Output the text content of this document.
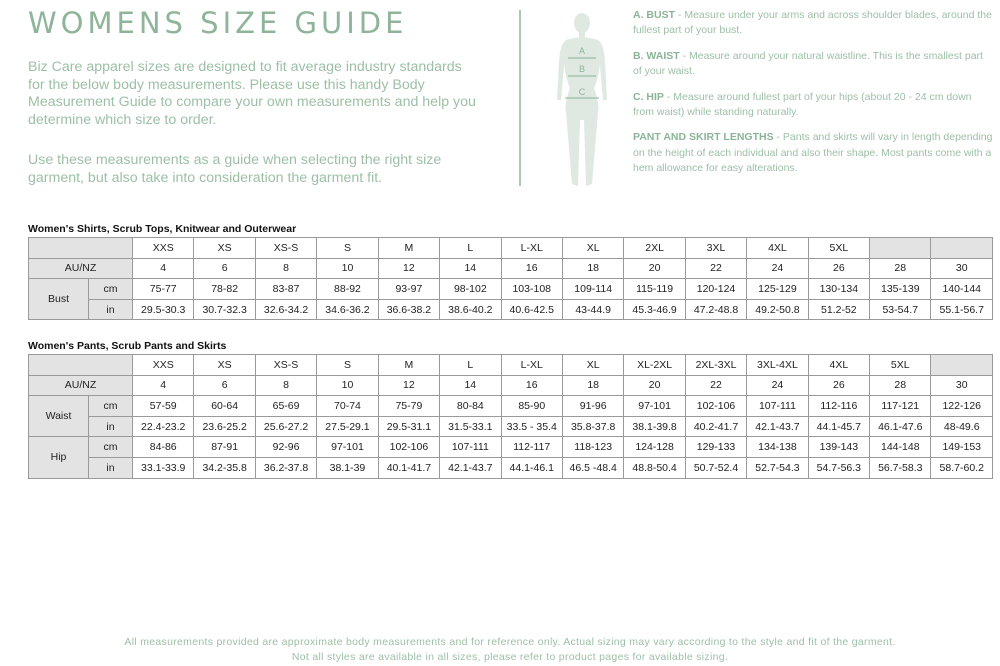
WOMENS SIZE GUIDE

Biz Care apparel sizes are designed to fit average industry standards for the below body measurements. Please use this handy Body Measurement Guide to compare your own measurements and help you determine which size to order.

Use these measurements as a guide when selecting the right size garment, but also take into consideration the garment fit.

A
B
C

A. BUST - Measure under your arms and across shoulder blades, around the fullest part of your bust.

B. WAIST - Measure around your natural waistline. This is the smallest part of your waist.

C. HIP - Measure around fullest part of your hips (about 20 - 24 cm down from waist) while standing naturally.

PANT AND SKIRT LENGTHS - Pants and skirts will vary in length depending on the height of each individual and also their shape. Most pants come with a hem allowance for easy alterations.

Women's Shirts, Scrub Tops, Knitwear and Outerwear

		XXS	XS	XS-S	S	M	L	L-XL	XL	2XL	3XL	4XL	5XL		
AU/NZ		4	6	8	10	12	14	16	18	20	22	24	26	28	30
Bust	cm	75-77	78-82	83-87	88-92	93-97	98-102	103-108	109-114	115-119	120-124	125-129	130-134	135-139	140-144
	in	29.5-30.3	30.7-32.3	32.6-34.2	34.6-36.2	36.6-38.2	38.6-40.2	40.6-42.5	43-44.9	45.3-46.9	47.2-48.8	49.2-50.8	51.2-52	53-54.7	55.1-56.7

Women's Pants, Scrub Pants and Skirts

		XXS	XS	XS-S	S	M	L	L-XL	XL	XL-2XL	2XL-3XL	3XL-4XL	4XL	5XL	
AU/NZ		4	6	8	10	12	14	16	18	20	22	24	26	28	30
Waist	cm	57-59	60-64	65-69	70-74	75-79	80-84	85-90	91-96	97-101	102-106	107-111	112-116	117-121	122-126
	in	22.4-23.2	23.6-25.2	25.6-27.2	27.5-29.1	29.5-31.1	31.5-33.1	33.5 - 35.4	35.8-37.8	38.1-39.8	40.2-41.7	42.1-43.7	44.1-45.7	46.1-47.6	48-49.6
Hip	cm	84-86	87-91	92-96	97-101	102-106	107-111	112-117	118-123	124-128	129-133	134-138	139-143	144-148	149-153
	in	33.1-33.9	34.2-35.8	36.2-37.8	38.1-39	40.1-41.7	42.1-43.7	44.1-46.1	46.5 -48.4	48.8-50.4	50.7-52.4	52.7-54.3	54.7-56.3	56.7-58.3	58.7-60.2

All measurements provided are approximate body measurements and for reference only. Actual sizing may vary according to the style and fit of the garment.

Not all styles are available in all sizes, please refer to product pages for available sizing.
